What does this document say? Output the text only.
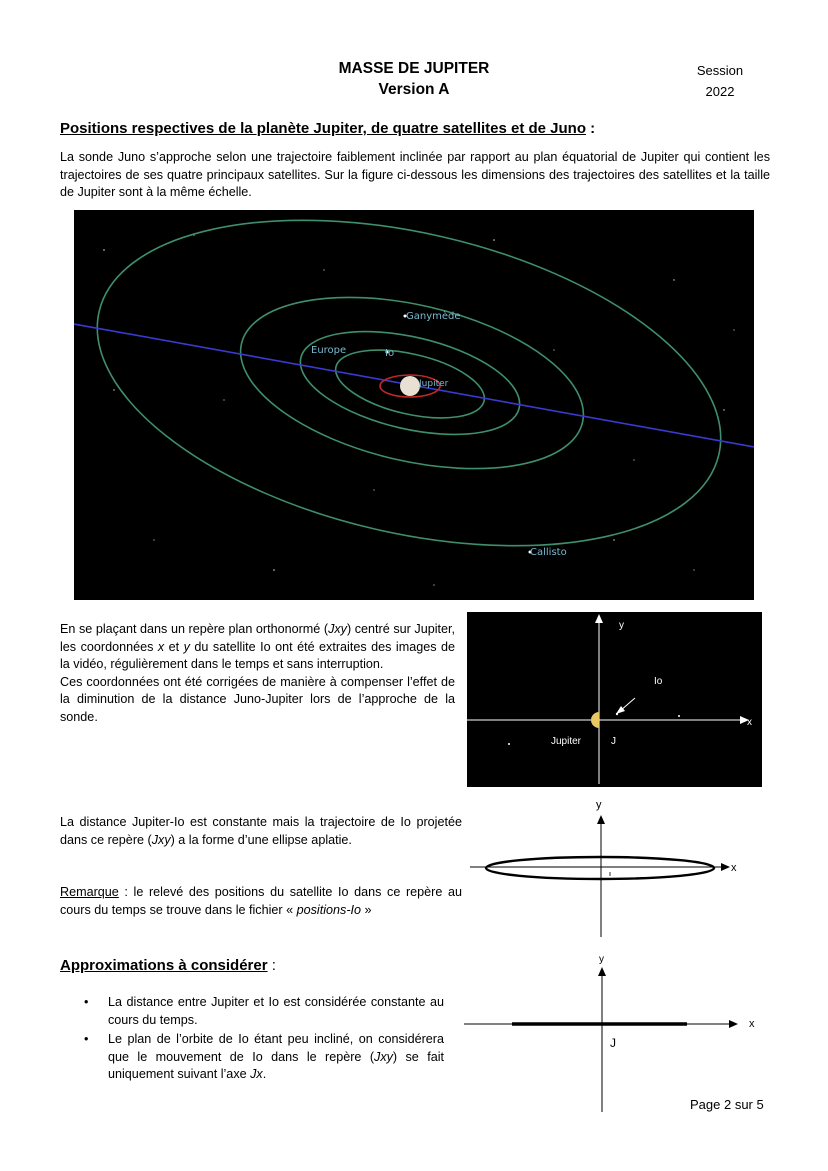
MASSE DE JUPITER
Version A
Session
2022
Positions respectives de la planète Jupiter, de quatre satellites et de Juno :
La sonde Juno s’approche selon une trajectoire faiblement inclinée par rapport au plan équatorial de Jupiter qui contient les trajectoires de ses quatre principaux satellites. Sur la figure ci-dessous les dimensions des trajectoires des satellites et la taille de Jupiter sont à la même échelle.
Ganymède
Europe	Io
Jupiter
Callisto
En se plaçant dans un repère plan orthonormé (Jxy) centré sur Jupiter, les coordonnées x et y du satellite Io ont été extraites des images de la vidéo, régulièrement dans le temps et sans interruption.
Ces coordonnées ont été corrigées de manière à compenser l’effet de la diminution de la distance Juno-Jupiter lors de l’approche de la sonde.
y
x
Io
Jupiter	J
La distance Jupiter-Io est constante mais la trajectoire de Io projetée dans ce repère (Jxy) a la forme d’une ellipse aplatie.
Remarque : le relevé des positions du satellite Io dans ce repère au cours du temps se trouve dans le fichier « positions-Io »
y
x
Approximations à considérer :
• La distance entre Jupiter et Io est considérée constante au cours du temps.
• Le plan de l’orbite de Io étant peu incliné, on considérera que le mouvement de Io dans le repère (Jxy) se fait uniquement suivant l’axe Jx.
y
x
J
Page 2 sur 5
